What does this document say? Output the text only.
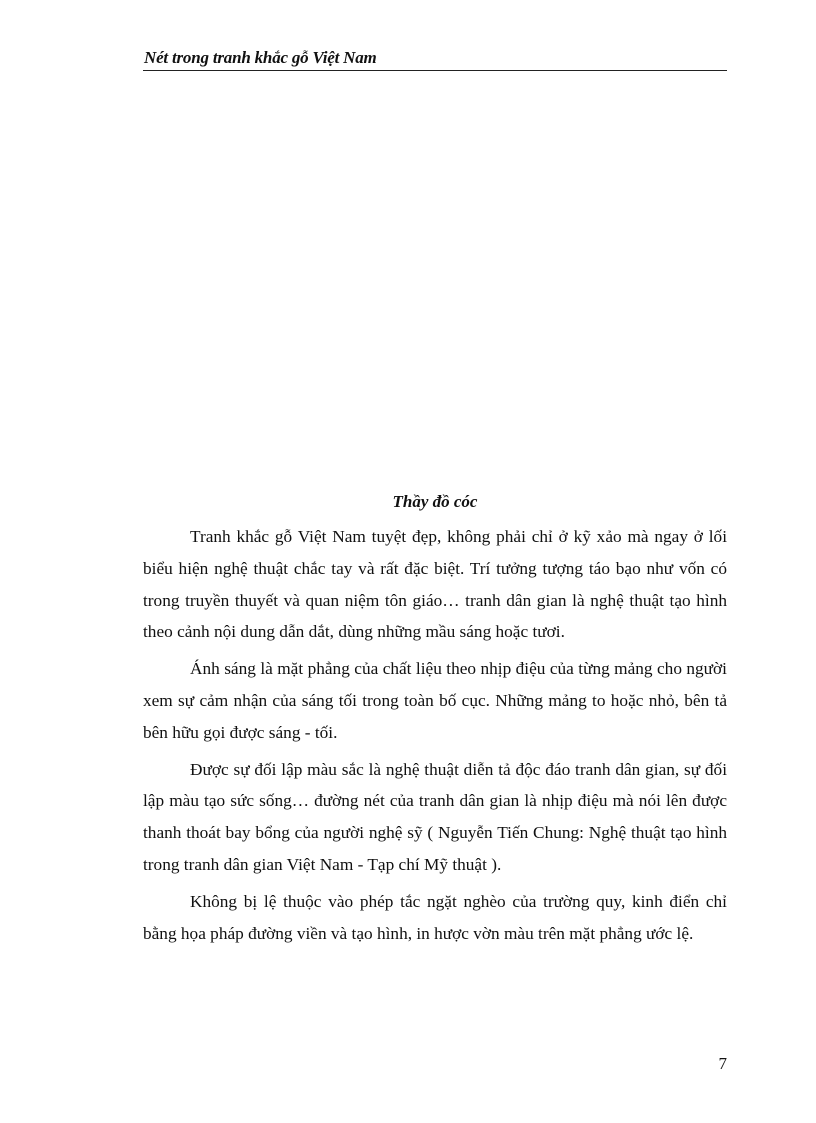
Nét trong tranh khắc gỗ Việt Nam
Thầy đồ cóc

Tranh khắc gỗ Việt Nam tuyệt đẹp, không phải chỉ ở kỹ xảo mà ngay ở lối biểu hiện nghệ thuật chắc tay và rất đặc biệt. Trí tưởng tượng táo bạo như vốn có trong truyền thuyết và quan niệm tôn giáo… tranh dân gian là nghệ thuật tạo hình theo cảnh nội dung dẫn dắt, dùng những mầu sáng hoặc tươi.

Ánh sáng là mặt phẳng của chất liệu theo nhịp điệu của từng mảng cho người xem sự cảm nhận của sáng tối trong toàn bố cục. Những mảng to hoặc nhỏ, bên tả bên hữu gọi được sáng - tối.

Được sự đối lập màu sắc là nghệ thuật diễn tả độc đáo tranh dân gian, sự đối lập màu tạo sức sống… đường nét của tranh dân gian là nhịp điệu mà nói lên được thanh thoát bay bổng của người nghệ sỹ ( Nguyễn Tiến Chung: Nghệ thuật tạo hình trong tranh dân gian Việt Nam - Tạp chí Mỹ thuật ).

Không bị lệ thuộc vào phép tắc ngặt nghèo của trường quy, kinh điển chỉ bằng họa pháp đường viền và tạo hình, in hược vờn màu trên mặt phẳng ước lệ.

7
